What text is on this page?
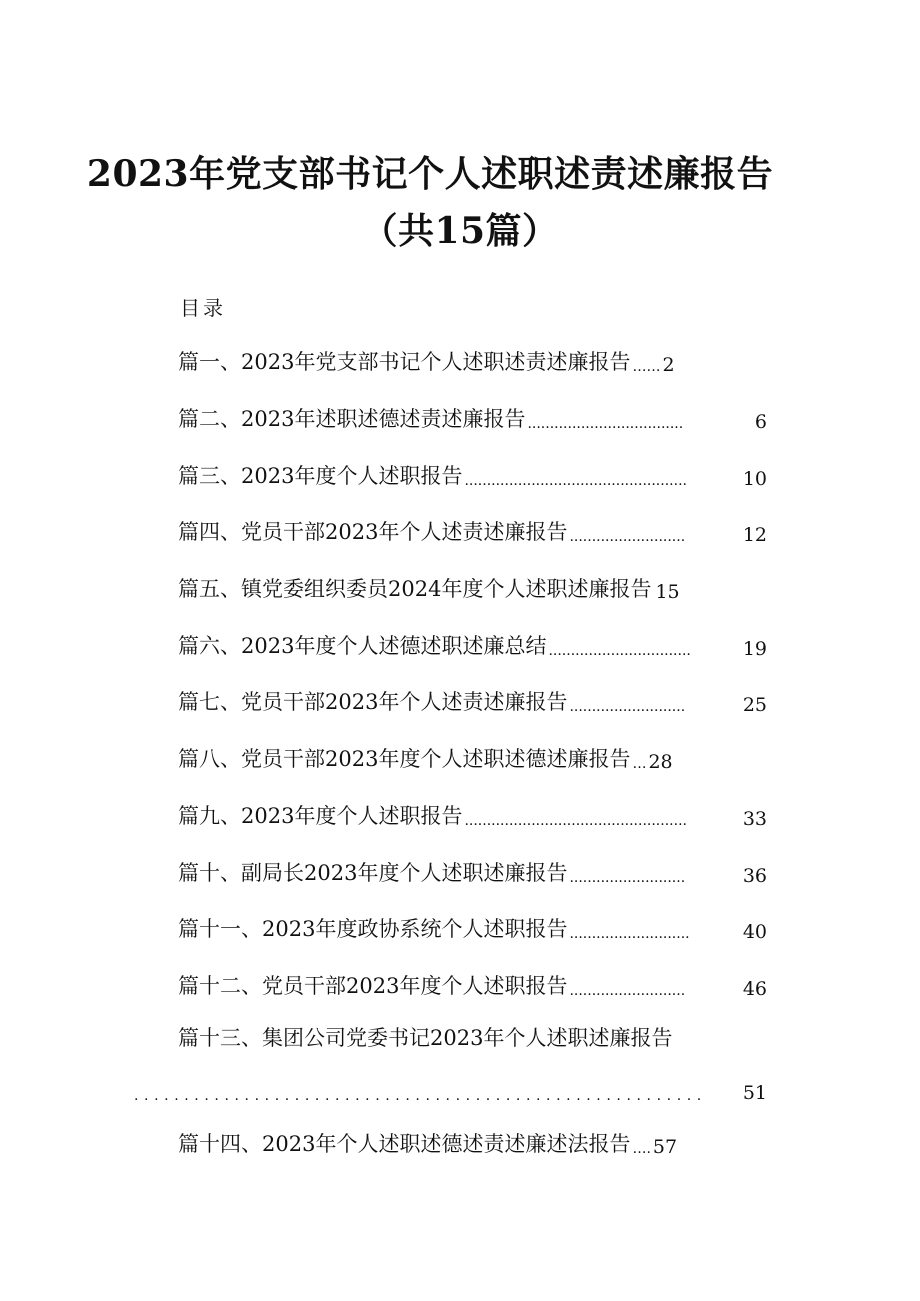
2023年党支部书记个人述职述责述廉报告
（共15篇）
目录
篇一、2023年党支部书记个人述职述责述廉报告 …… 2
篇二、2023年述职述德述责述廉报告 ...................................	6
篇三、2023年度个人述职报告 ..................................................	10
篇四、党员干部2023年个人述责述廉报告 ..........................	12
篇五、镇党委组织委员2024年度个人述职述廉报告 15
篇六、2023年度个人述德述职述廉总结 ................................	19
篇七、党员干部2023年个人述责述廉报告 ..........................	25
篇八、党员干部2023年度个人述职述德述廉报告 … 28
篇九、2023年度个人述职报告 ..................................................	33
篇十、副局长2023年度个人述职述廉报告 ..........................	36
篇十一、2023年度政协系统个人述职报告 ...........................	40
篇十二、党员干部2023年度个人述职报告 ..........................	46
篇十三、集团公司党委书记2023年个人述职述廉报告
.........................................................	51
篇十四、2023年个人述职述德述责述廉述法报告 …. 57
